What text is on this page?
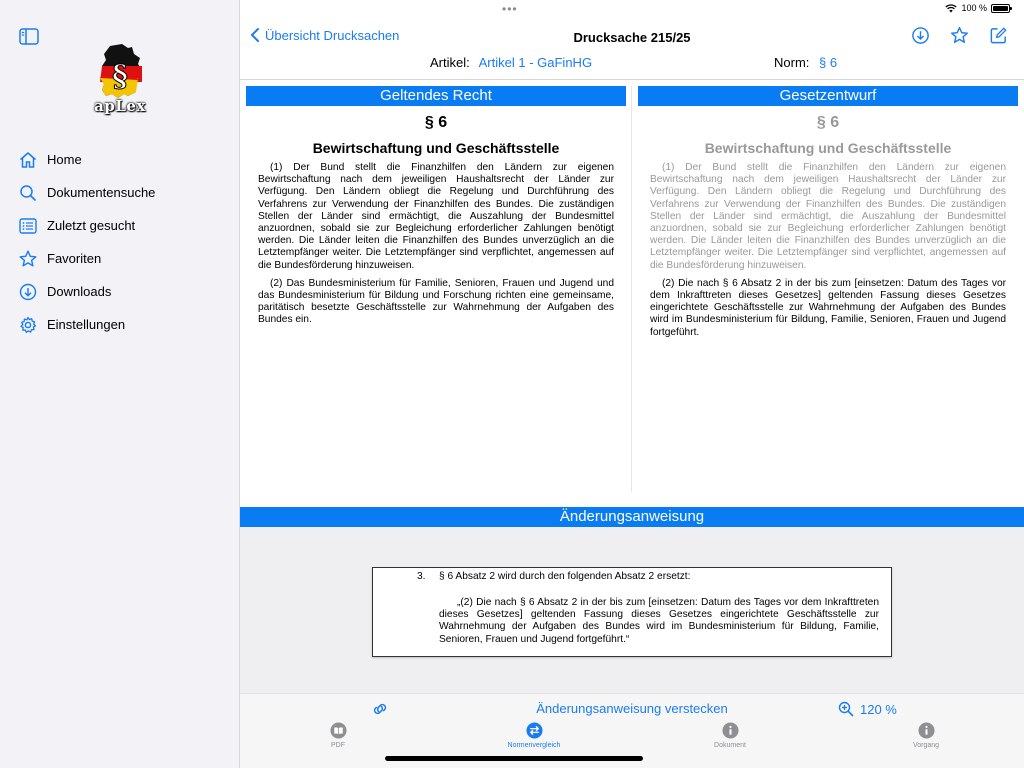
§
apLex
Home
Dokumentensuche
Zuletzt gesucht
Favoriten
Downloads
Einstellungen
Übersicht Drucksachen	Drucksache 215/25
Artikel: Artikel 1 - GaFinHG	Norm: § 6
Geltendes Recht
§ 6
Bewirtschaftung und Geschäftsstelle

(1) Der Bund stellt die Finanzhilfen den Ländern zur eigenen Bewirtschaftung nach dem jeweiligen Haushaltsrecht der Länder zur Verfügung. Den Ländern obliegt die Regelung und Durchführung des Verfahrens zur Verwendung der Finanzhilfen des Bundes. Die zuständigen Stellen der Länder sind ermächtigt, die Auszahlung der Bundesmittel anzuordnen, sobald sie zur Begleichung erforderlicher Zahlungen benötigt werden. Die Länder leiten die Finanzhilfen des Bundes unverzüglich an die Letztempfänger weiter. Die Letztempfänger sind verpflichtet, angemessen auf die Bundesförderung hinzuweisen.

(2) Das Bundesministerium für Familie, Senioren, Frauen und Jugend und das Bundesministerium für Bildung und Forschung richten eine gemeinsame, paritätisch besetzte Geschäftsstelle zur Wahrnehmung der Aufgaben des Bundes ein.

Gesetzentwurf
§ 6
Bewirtschaftung und Geschäftsstelle

(1) Der Bund stellt die Finanzhilfen den Ländern zur eigenen Bewirtschaftung nach dem jeweiligen Haushaltsrecht der Länder zur Verfügung. Den Ländern obliegt die Regelung und Durchführung des Verfahrens zur Verwendung der Finanzhilfen des Bundes. Die zuständigen Stellen der Länder sind ermächtigt, die Auszahlung der Bundesmittel anzuordnen, sobald sie zur Begleichung erforderlicher Zahlungen benötigt werden. Die Länder leiten die Finanzhilfen des Bundes unverzüglich an die Letztempfänger weiter. Die Letztempfänger sind verpflichtet, angemessen auf die Bundesförderung hinzuweisen.

(2) Die nach § 6 Absatz 2 in der bis zum [einsetzen: Datum des Tages vor dem Inkrafttreten dieses Gesetzes] geltenden Fassung dieses Gesetzes eingerichtete Geschäftsstelle zur Wahrnehmung der Aufgaben des Bundes wird im Bundesministerium für Bildung, Familie, Senioren, Frauen und Jugend fortgeführt.

Änderungsanweisung
3. § 6 Absatz 2 wird durch den folgenden Absatz 2 ersetzt:

„(2) Die nach § 6 Absatz 2 in der bis zum [einsetzen: Datum des Tages vor dem Inkrafttreten dieses Gesetzes] geltenden Fassung dieses Gesetzes eingerichtete Geschäftsstelle zur Wahrnehmung der Aufgaben des Bundes wird im Bundesministerium für Bildung, Familie, Senioren, Frauen und Jugend fortgeführt.“

Änderungsanweisung verstecken	120 %
PDF	Normenvergleich	Dokument	Vorgang
•••	100 %
